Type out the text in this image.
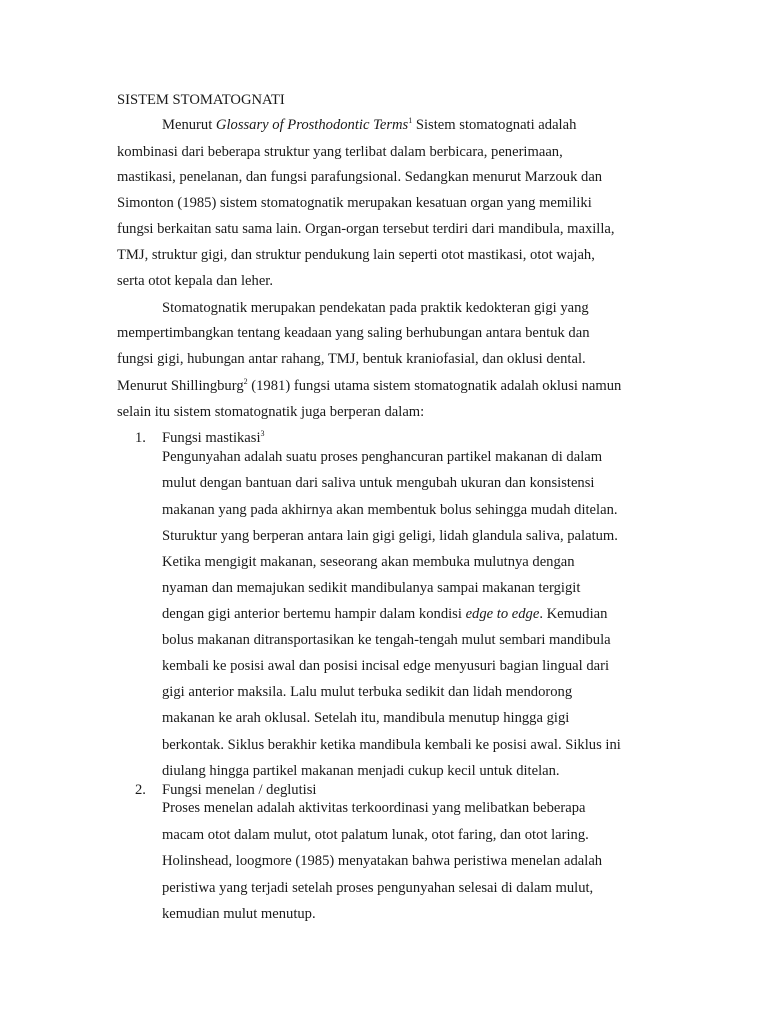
SISTEM STOMATOGNATI
Menurut Glossary of Prosthodontic Terms$^1$ Sistem stomatognati adalah
kombinasi dari beberapa struktur yang terlibat dalam berbicara, penerimaan,
mastikasi, penelanan, dan fungsi parafungsional. Sedangkan menurut Marzouk dan
Simonton (1985) sistem stomatognatik merupakan kesatuan organ yang memiliki
fungsi berkaitan satu sama lain. Organ-organ tersebut terdiri dari mandibula, maxilla,
TMJ, struktur gigi, dan struktur pendukung lain seperti otot mastikasi, otot wajah,
serta otot kepala dan leher.
Stomatognatik merupakan pendekatan pada praktik kedokteran gigi yang
mempertimbangkan tentang keadaan yang saling berhubungan antara bentuk dan
fungsi gigi, hubungan antar rahang, TMJ, bentuk kraniofasial, dan oklusi dental.
Menurut Shillingburg$^2$ (1981) fungsi utama sistem stomatognatik adalah oklusi namun
selain itu sistem stomatognatik juga berperan dalam:
1. Fungsi mastikasi$^3$
Pengunyahan adalah suatu proses penghancuran partikel makanan di dalam
mulut dengan bantuan dari saliva untuk mengubah ukuran dan konsistensi
makanan yang pada akhirnya akan membentuk bolus sehingga mudah ditelan.
Sturuktur yang berperan antara lain gigi geligi, lidah glandula saliva, palatum.
Ketika mengigit makanan, seseorang akan membuka mulutnya dengan
nyaman dan memajukan sedikit mandibulanya sampai makanan tergigit
dengan gigi anterior bertemu hampir dalam kondisi edge to edge. Kemudian
bolus makanan ditransportasikan ke tengah-tengah mulut sembari mandibula
kembali ke posisi awal dan posisi incisal edge menyusuri bagian lingual dari
gigi anterior maksila. Lalu mulut terbuka sedikit dan lidah mendorong
makanan ke arah oklusal. Setelah itu, mandibula menutup hingga gigi
berkontak. Siklus berakhir ketika mandibula kembali ke posisi awal. Siklus ini
diulang hingga partikel makanan menjadi cukup kecil untuk ditelan.
2. Fungsi menelan / deglutisi
Proses menelan adalah aktivitas terkoordinasi yang melibatkan beberapa
macam otot dalam mulut, otot palatum lunak, otot faring, dan otot laring.
Holinshead, loogmore (1985) menyatakan bahwa peristiwa menelan adalah
peristiwa yang terjadi setelah proses pengunyahan selesai di dalam mulut,
kemudian mulut menutup.
